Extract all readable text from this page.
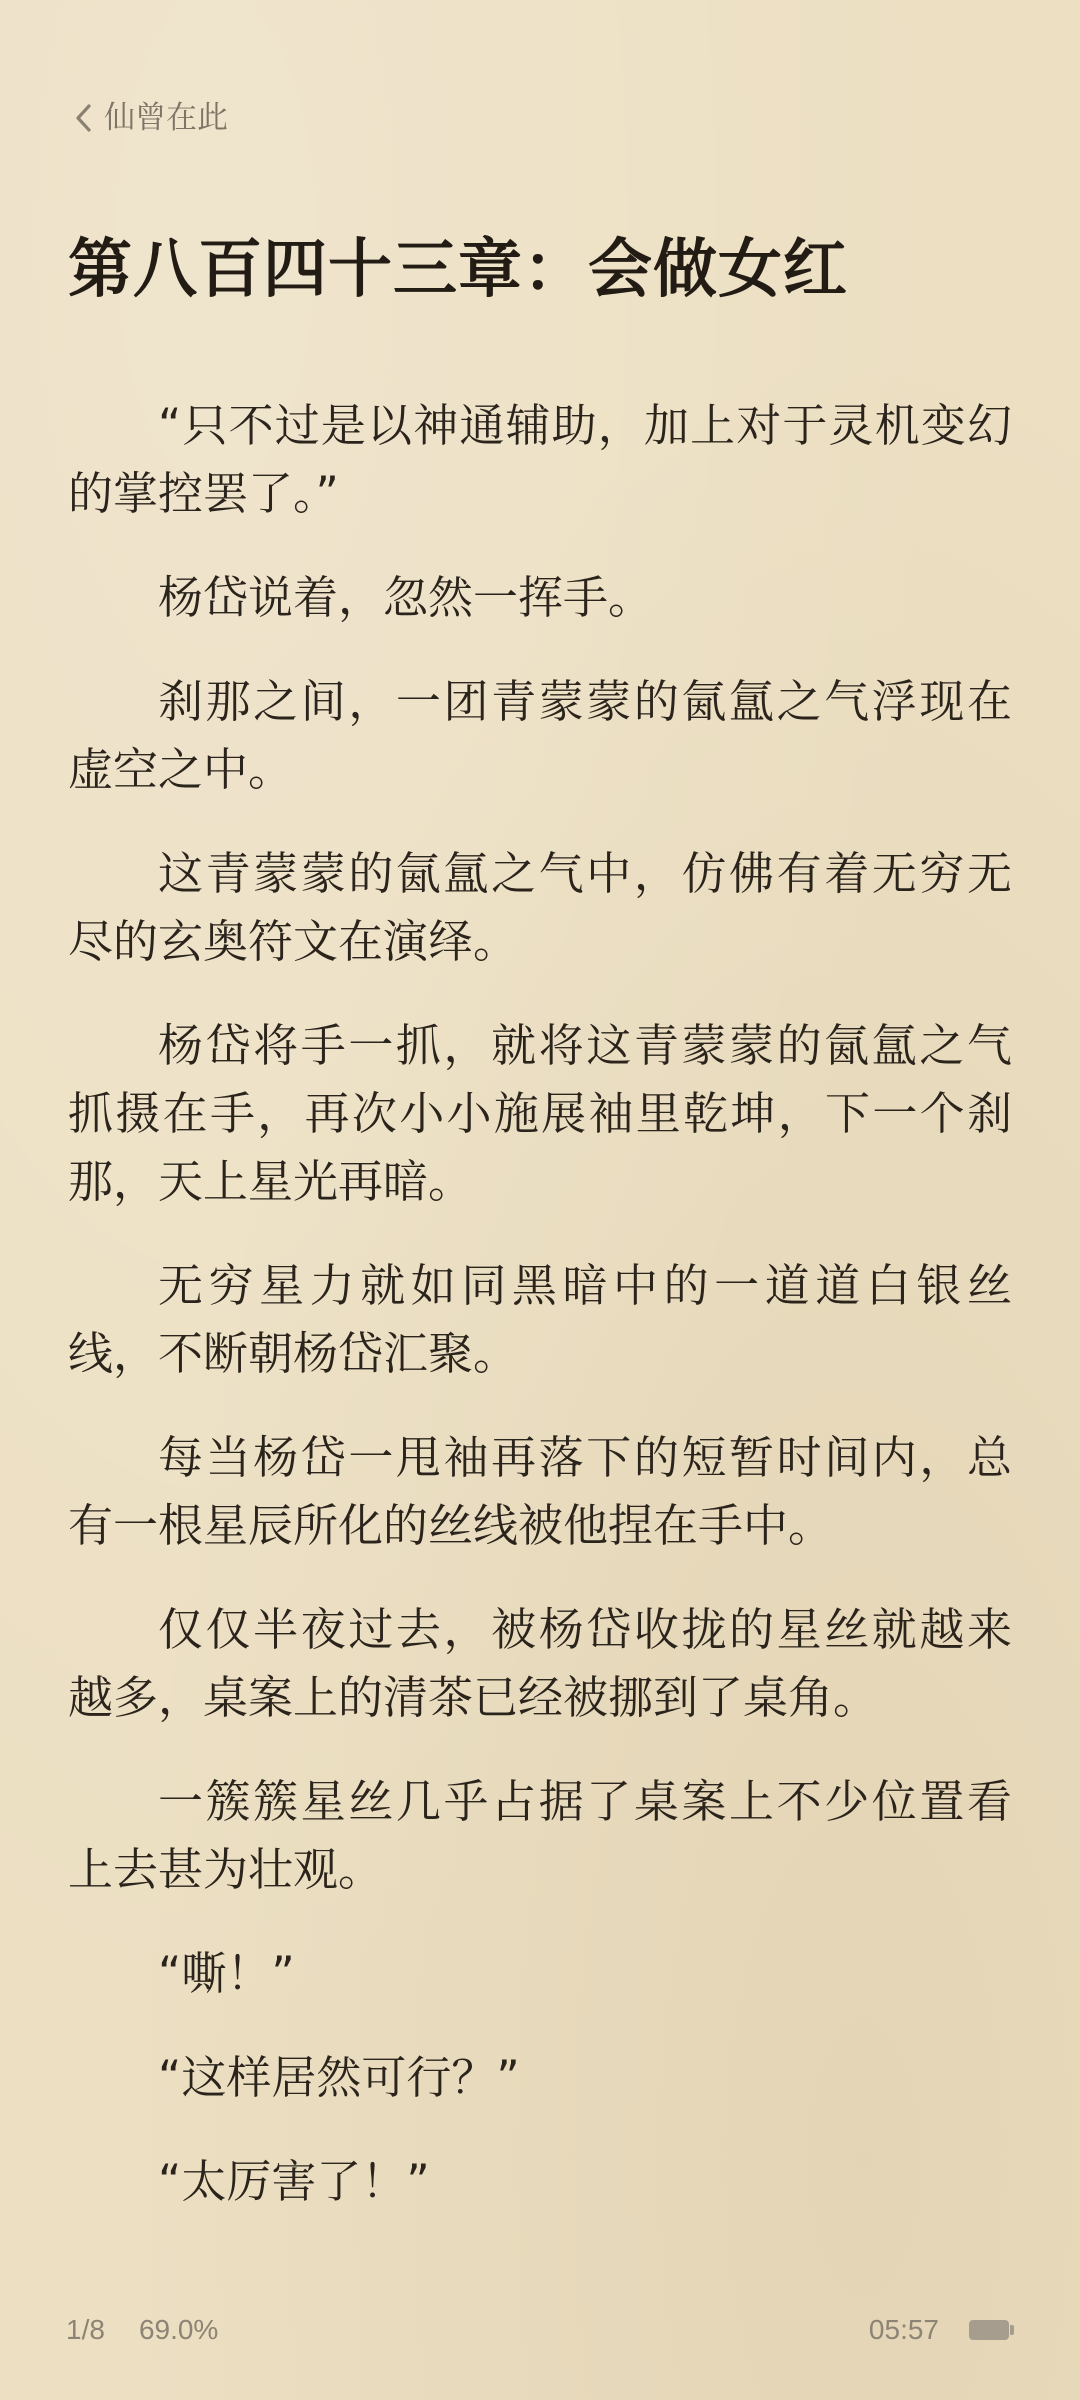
仙曾在此
第八百四十三章：会做女红

“只不过是以神通辅助，加上对于灵机变幻的掌控罢了。”

杨岱说着，忽然一挥手。

刹那之间，一团青蒙蒙的氤氲之气浮现在虚空之中。

这青蒙蒙的氤氲之气中，仿佛有着无穷无尽的玄奥符文在演绎。

杨岱将手一抓，就将这青蒙蒙的氤氲之气抓摄在手，再次小小施展袖里乾坤，下一个刹那，天上星光再暗。

无穷星力就如同黑暗中的一道道白银丝线，不断朝杨岱汇聚。

每当杨岱一甩袖再落下的短暂时间内，总有一根星辰所化的丝线被他捏在手中。

仅仅半夜过去，被杨岱收拢的星丝就越来越多，桌案上的清茶已经被挪到了桌角。

一簇簇星丝几乎占据了桌案上不少位置看上去甚为壮观。

“嘶！”

“这样居然可行？”

“太厉害了！”

1/8 69.0%	05:57
